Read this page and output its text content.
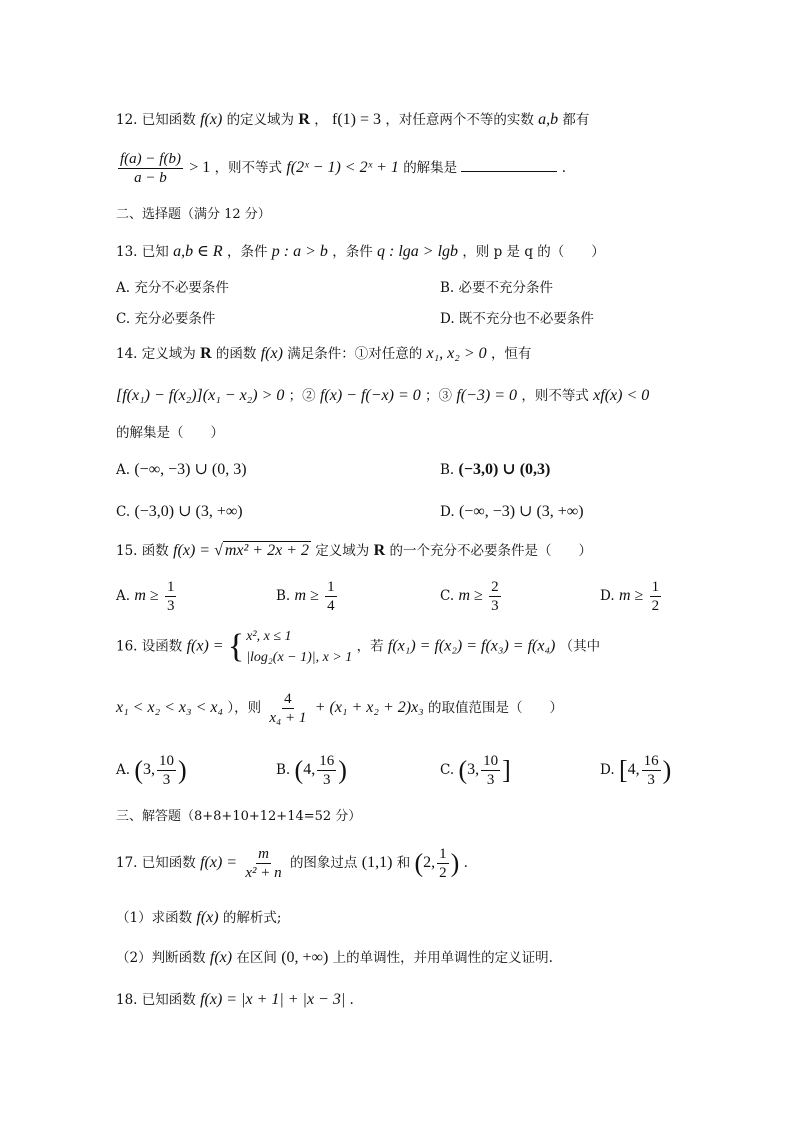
12. 已知函数 f(x) 的定义域为 R ， f(1) = 3 ，对任意两个不等的实数 a,b 都有
$\frac{f(a) - f(b)}{a - b} > 1$ ，则不等式 f(2ˣ − 1) < 2ˣ + 1 的解集是	.
二、选择题（满分 12 分）
13. 已知 a,b ∈ R ，条件 p : a > b ，条件 q : lga > lgb ，则 p 是 q 的（　　）
A. 充分不必要条件	B. 必要不充分条件
C. 充分必要条件	D. 既不充分也不必要条件
14. 定义域为 R 的函数 f(x) 满足条件：①对任意的 x₁, x₂ > 0 ，恒有
[f(x₁) − f(x₂)](x₁ − x₂) > 0 ；② f(x) − f(−x) = 0 ；③ f(−3) = 0 ，则不等式 xf(x) < 0
的解集是（　　）
A. (−∞, −3) ∪ (0, 3)	B. (−3,0) ∪ (0,3)
C. (−3,0) ∪ (3, +∞)	D. (−∞, −3) ∪ (3, +∞)
15. 函数 f(x) = √ mx² + 2x + 2 定义域为 R 的一个充分不必要条件是（　　）
A. $m \ge \frac{1}{3}$	B. $m \ge \frac{1}{4}$	C. $m \ge \frac{2}{3}$	D. $m \ge \frac{1}{2}$
16. 设函数 f(x) = { x², x ≤ 1
|log₂(x − 1)|, x > 1
，若 f(x₁) = f(x₂) = f(x₃) = f(x₄) （其中
x₁ < x₂ < x₃ < x₄ ），则 $\frac{4}{\text{x₄ + 1}} + (x_1 + x_2 + 2)x_3$ 的取值范围是（　　）
A. (3, $\frac{10}{3}$ )	B. (4, $\frac{16}{3}$ )	C. (3, $\frac{10}{3}$ ]	D. [4, $\frac{16}{3}$ )
三、解答题（8+8+10+12+14=52 分）
17. 已知函数 $f(x) = \frac{m}{\text{x² + n}}$ 的图象过点 (1,1) 和 (2, $\frac{1}{2}$ ) .
（1）求函数 f(x) 的解析式;
（2）判断函数 f(x) 在区间 (0, +∞) 上的单调性，并用单调性的定义证明.
18. 已知函数 f(x) = |x + 1| + |x − 3| .
